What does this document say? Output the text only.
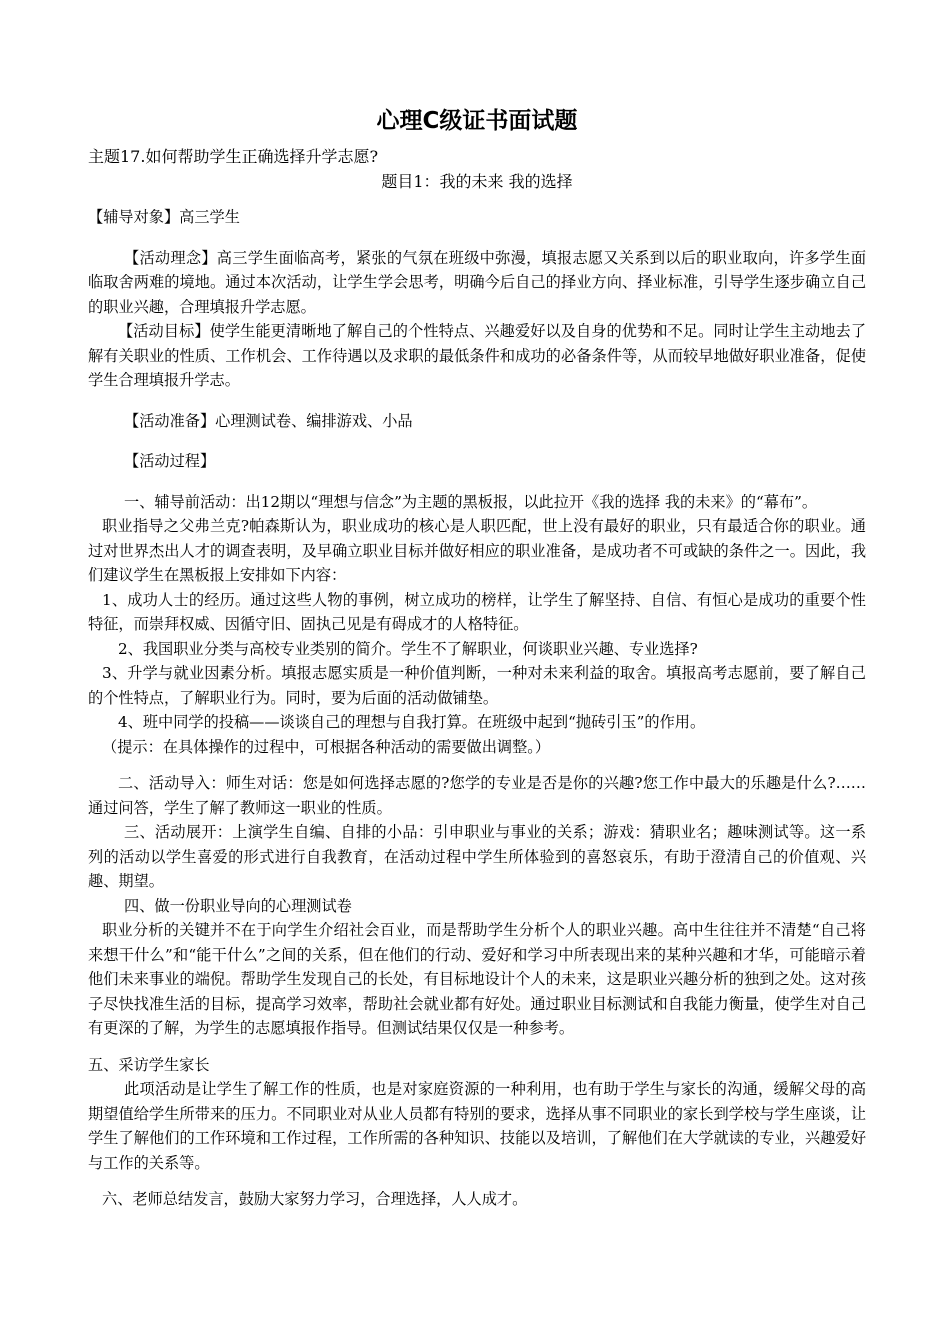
心理C级证书面试题
主题17.如何帮助学生正确选择升学志愿?
题目1：我的未来 我的选择

【辅导对象】高三学生

【活动理念】高三学生面临高考，紧张的气氛在班级中弥漫，填报志愿又关系到以后的职业取向，许多学生面临取舍两难的境地。通过本次活动，让学生学会思考，明确今后自己的择业方向、择业标准，引导学生逐步确立自己的职业兴趣，合理填报升学志愿。

【活动目标】使学生能更清晰地了解自己的个性特点、兴趣爱好以及自身的优势和不足。同时让学生主动地去了解有关职业的性质、工作机会、工作待遇以及求职的最低条件和成功的必备条件等，从而较早地做好职业准备，促使学生合理填报升学志。

【活动准备】心理测试卷、编排游戏、小品

【活动过程】

一、辅导前活动：出12期以“理想与信念”为主题的黑板报，以此拉开《我的选择 我的未来》的“幕布”。

职业指导之父弗兰克?帕森斯认为，职业成功的核心是人职匹配，世上没有最好的职业，只有最适合你的职业。通过对世界杰出人才的调查表明，及早确立职业目标并做好相应的职业准备，是成功者不可或缺的条件之一。因此，我们建议学生在黑板报上安排如下内容：

1、成功人士的经历。通过这些人物的事例，树立成功的榜样，让学生了解坚持、自信、有恒心是成功的重要个性特征，而崇拜权威、因循守旧、固执己见是有碍成才的人格特征。

2、我国职业分类与高校专业类别的简介。学生不了解职业，何谈职业兴趣、专业选择?

3、升学与就业因素分析。填报志愿实质是一种价值判断，一种对未来利益的取舍。填报高考志愿前，要了解自己的个性特点，了解职业行为。同时，要为后面的活动做铺垫。

4、班中同学的投稿——谈谈自己的理想与自我打算。在班级中起到“抛砖引玉”的作用。

（提示：在具体操作的过程中，可根据各种活动的需要做出调整。）

二、活动导入：师生对话：您是如何选择志愿的?您学的专业是否是你的兴趣?您工作中最大的乐趣是什么?……通过问答，学生了解了教师这一职业的性质。

三、活动展开：上演学生自编、自排的小品：引申职业与事业的关系；游戏：猜职业名；趣味测试等。这一系列的活动以学生喜爱的形式进行自我教育，在活动过程中学生所体验到的喜怒哀乐，有助于澄清自己的价值观、兴趣、期望。

四、做一份职业导向的心理测试卷

职业分析的关键并不在于向学生介绍社会百业，而是帮助学生分析个人的职业兴趣。高中生往往并不清楚“自己将来想干什么”和“能干什么”之间的关系，但在他们的行动、爱好和学习中所表现出来的某种兴趣和才华，可能暗示着他们未来事业的端倪。帮助学生发现自己的长处，有目标地设计个人的未来，这是职业兴趣分析的独到之处。这对孩子尽快找准生活的目标，提高学习效率，帮助社会就业都有好处。通过职业目标测试和自我能力衡量，使学生对自己有更深的了解，为学生的志愿填报作指导。但测试结果仅仅是一种参考。

五、采访学生家长

此项活动是让学生了解工作的性质，也是对家庭资源的一种利用，也有助于学生与家长的沟通，缓解父母的高期望值给学生所带来的压力。不同职业对从业人员都有特别的要求，选择从事不同职业的家长到学校与学生座谈，让学生了解他们的工作环境和工作过程，工作所需的各种知识、技能以及培训，了解他们在大学就读的专业，兴趣爱好与工作的关系等。

六、老师总结发言，鼓励大家努力学习，合理选择，人人成才。
